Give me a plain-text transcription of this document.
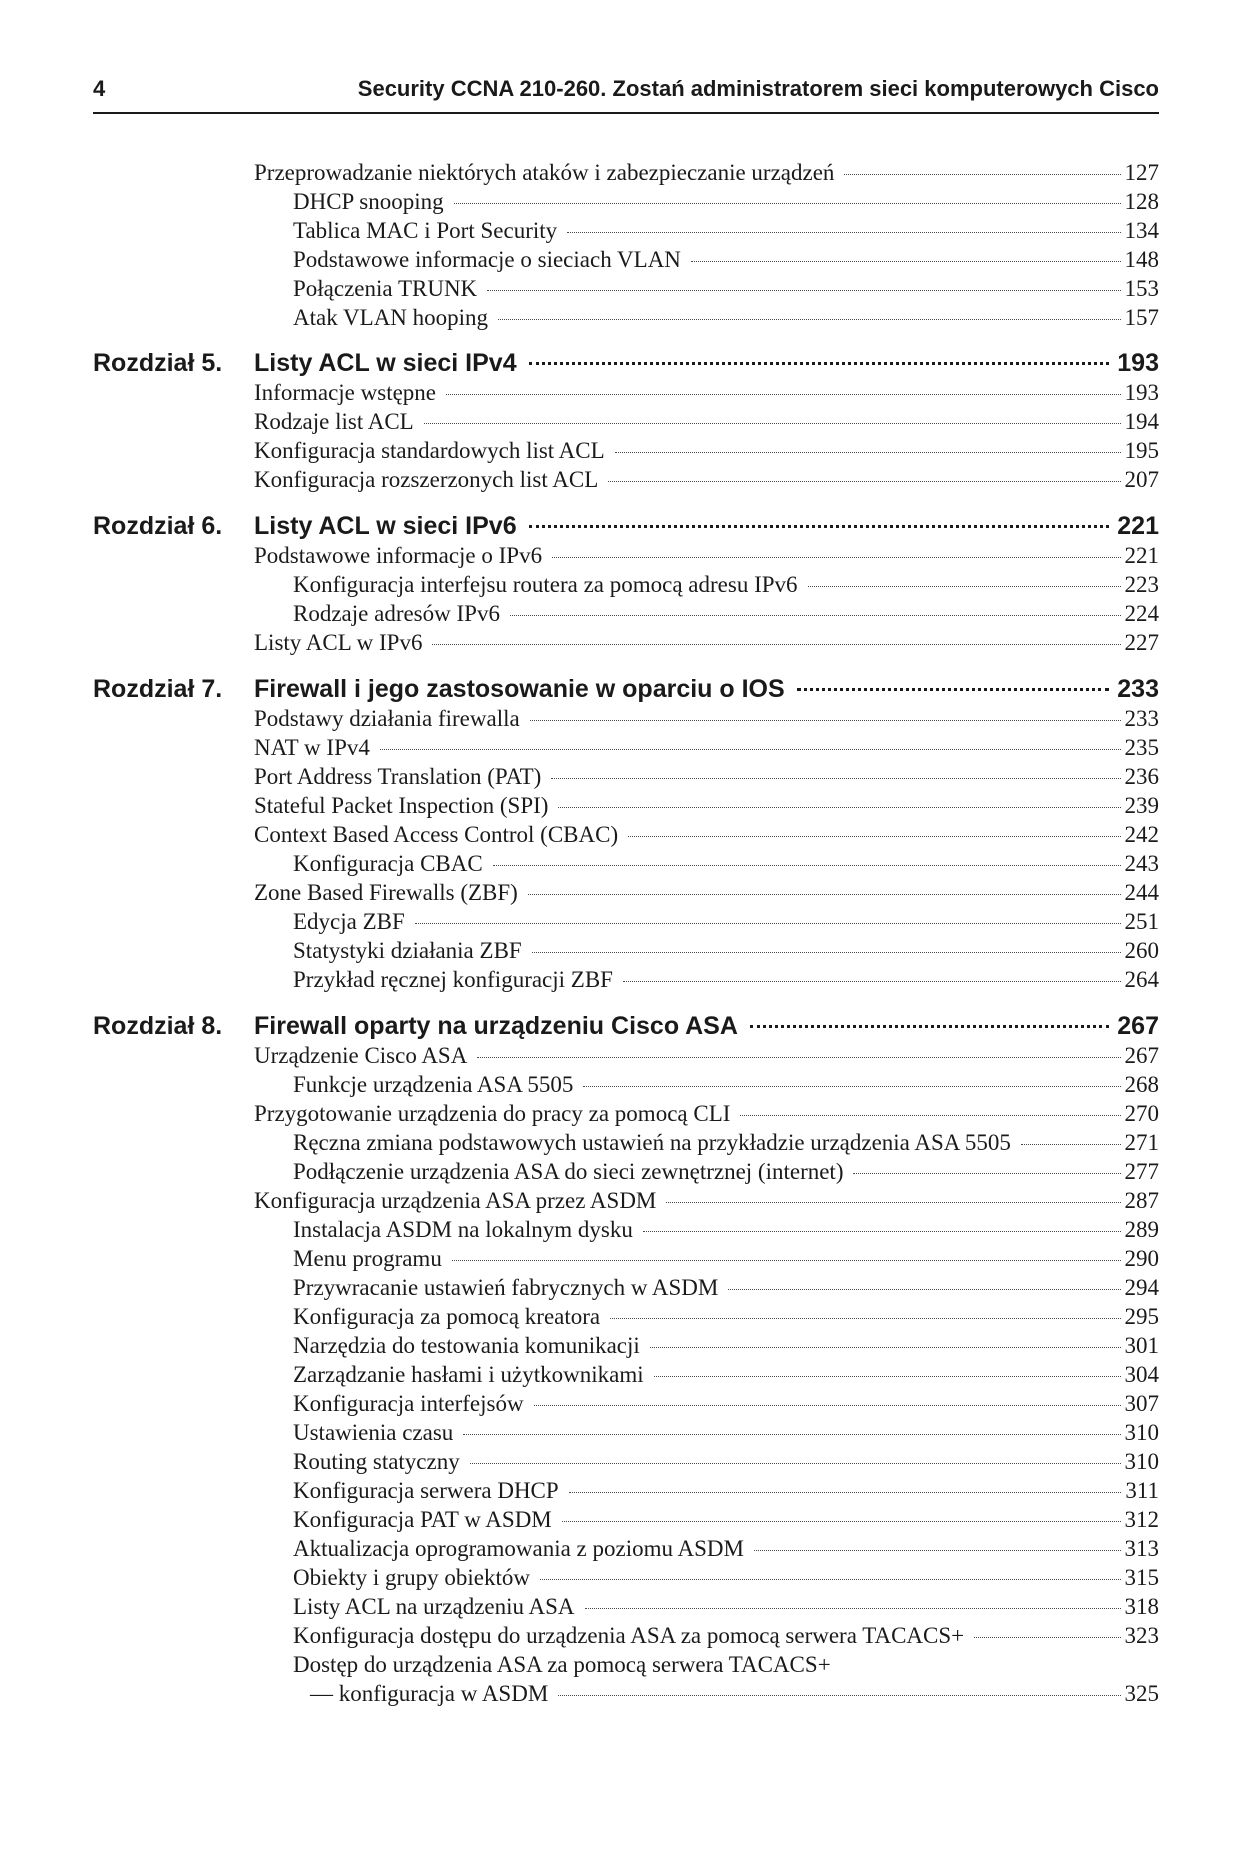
4	Security CCNA 210-260. Zostań administratorem sieci komputerowych Cisco
Przeprowadzanie niektórych ataków i zabezpieczanie urządzeń	127
DHCP snooping	128
Tablica MAC i Port Security	134
Podstawowe informacje o sieciach VLAN	148
Połączenia TRUNK	153
Atak VLAN hooping	157
Rozdział 5. Listy ACL w sieci IPv4	193
Informacje wstępne	193
Rodzaje list ACL	194
Konfiguracja standardowych list ACL	195
Konfiguracja rozszerzonych list ACL	207
Rozdział 6. Listy ACL w sieci IPv6	221
Podstawowe informacje o IPv6	221
Konfiguracja interfejsu routera za pomocą adresu IPv6	223
Rodzaje adresów IPv6	224
Listy ACL w IPv6	227
Rozdział 7. Firewall i jego zastosowanie w oparciu o IOS	233
Podstawy działania firewalla	233
NAT w IPv4	235
Port Address Translation (PAT)	236
Stateful Packet Inspection (SPI)	239
Context Based Access Control (CBAC)	242
Konfiguracja CBAC	243
Zone Based Firewalls (ZBF)	244
Edycja ZBF	251
Statystyki działania ZBF	260
Przykład ręcznej konfiguracji ZBF	264
Rozdział 8. Firewall oparty na urządzeniu Cisco ASA	267
Urządzenie Cisco ASA	267
Funkcje urządzenia ASA 5505	268
Przygotowanie urządzenia do pracy za pomocą CLI	270
Ręczna zmiana podstawowych ustawień na przykładzie urządzenia ASA 5505	271
Podłączenie urządzenia ASA do sieci zewnętrznej (internet)	277
Konfiguracja urządzenia ASA przez ASDM	287
Instalacja ASDM na lokalnym dysku	289
Menu programu	290
Przywracanie ustawień fabrycznych w ASDM	294
Konfiguracja za pomocą kreatora	295
Narzędzia do testowania komunikacji	301
Zarządzanie hasłami i użytkownikami	304
Konfiguracja interfejsów	307
Ustawienia czasu	310
Routing statyczny	310
Konfiguracja serwera DHCP	311
Konfiguracja PAT w ASDM	312
Aktualizacja oprogramowania z poziomu ASDM	313
Obiekty i grupy obiektów	315
Listy ACL na urządzeniu ASA	318
Konfiguracja dostępu do urządzenia ASA za pomocą serwera TACACS+	323
Dostęp do urządzenia ASA za pomocą serwera TACACS+
— konfiguracja w ASDM	325
